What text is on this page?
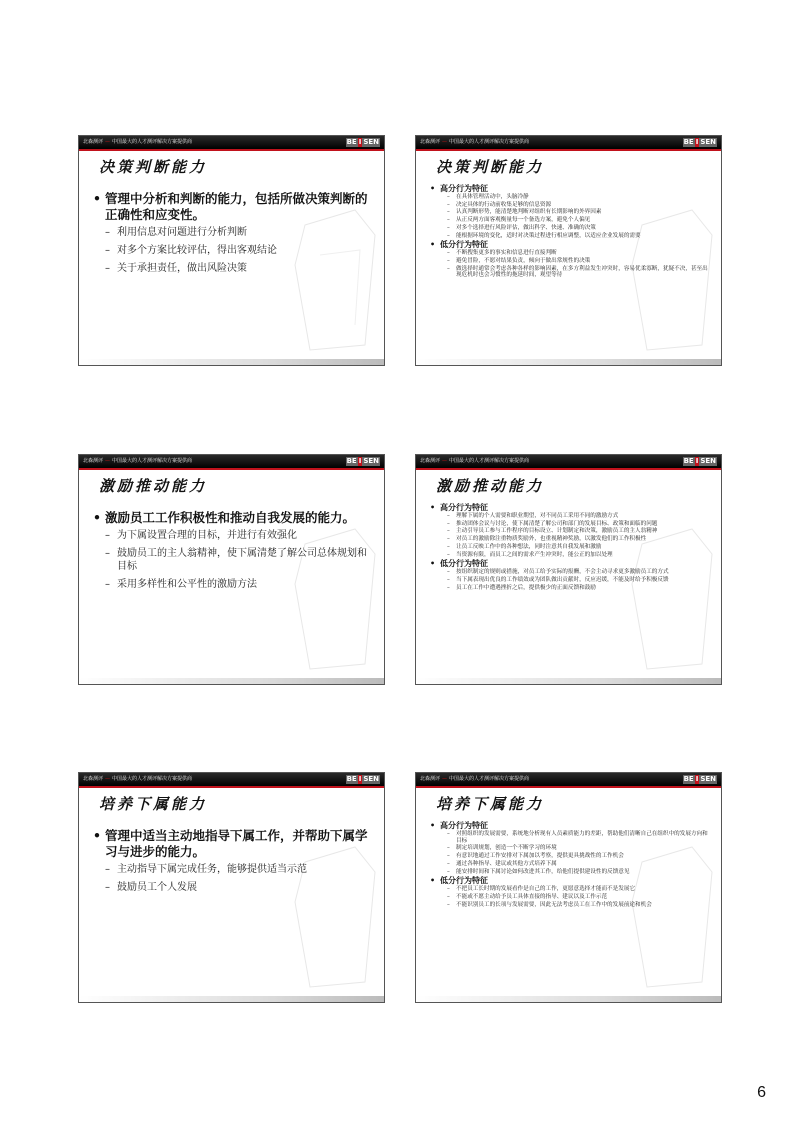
北森测评 — 中国最大的人才测评解决方案提供商	BE I SEN
决策判断能力
• 管理中分析和判断的能力，包括所做决策判断的正确性和应变性。
– 利用信息对问题进行分析判断
– 对多个方案比较评估，得出客观结论
– 关于承担责任，做出风险决策
北森测评 — 中国最大的人才测评解决方案提供商	BE I SEN
决策判断能力
• 高分行为特征
– 在具体管理活动中，头脑冷静
– 决定具体的行动前收集足够的信息资源
– 认真判断形势，能清楚地判断对组织有长期影响的外界因素
– 从正反两方面客观衡量每一个备选方案，避免个人偏见
– 对多个选择进行风险评估，做出科学、快速、准确的决策
– 能根据环境的变化，适时对决策过程进行相应调整，以适应企业发展的需要
• 低分行为特征
– 不断搜集更多的事实和信息进行直接判断
– 避免冒险，不愿对结果负责，倾向于做出常规性的决策
– 做选择时通常会考虑各种各样的影响因素，在多方利益发生冲突时，容易优柔寡断，犹疑不决，甚至出现危机时也会习惯性的拖延时间，观望等待
北森测评 — 中国最大的人才测评解决方案提供商	BE I SEN
激励推动能力
• 激励员工工作积极性和推动自我发展的能力。
– 为下属设置合理的目标，并进行有效强化
– 鼓励员工的主人翁精神，使下属清楚了解公司总体规划和目标
– 采用多样性和公平性的激励方法
北森测评 — 中国最大的人才测评解决方案提供商	BE I SEN
激励推动能力
• 高分行为特征
– 理解下属的个人需要和职业期望，对不同员工采用不同的激励方式
– 推动团体会议与讨论，使下属清楚了解公司和部门的发展目标、政策和面临的问题
– 主动引导员工参与工作程序的目标设立、计划制定和决策，激励员工的主人翁精神
– 对员工的激励除注重物质奖励外，也重视精神奖励，以激发他们的工作积极性
– 让员工反映工作中的各种想法，同时注意其自我发展和激励
– 当资源有限，而员工之间的需求产生冲突时，能公正的加以处理
• 低分行为特征
– 按组织制定的规则或措施，对员工给予实际的报酬，不会主动寻求更多激励员工的方式
– 当下属表现出优良的工作绩效或为团队做出贡献时，反应迟缓，不能及时给予积极反馈
– 员工在工作中遭遇挫折之后，提供极少的正面反馈和鼓励
北森测评 — 中国最大的人才测评解决方案提供商	BE I SEN
培养下属能力
• 管理中适当主动地指导下属工作，并帮助下属学习与进步的能力。
– 主动指导下属完成任务，能够提供适当示范
– 鼓励员工个人发展
北森测评 — 中国最大的人才测评解决方案提供商	BE I SEN
培养下属能力
• 高分行为特征
– 对照组织的发展需要，系统地分析现有人员素质能力的差距，帮助他们清晰自己在组织中的发展方向和目标
– 制定培训规划，创造一个不断学习的环境
– 有意识地通过工作安排对下属加以考察，提供更具挑战性的工作机会
– 通过各种指导、建议或其他方式培养下属
– 能安排时间和下属讨论如何改进其工作，给他们提供建设性的反馈意见
• 低分行为特征
– 不把员工长时期的发展看作是自己的工作，更愿意选择才能而不是发展它
– 不能或不愿主动给予员工具体直接的指导、建议以及工作示范
– 不能识别员工的长项与发展需要，因此无法考虑员工在工作中的发展前途和机会
6
